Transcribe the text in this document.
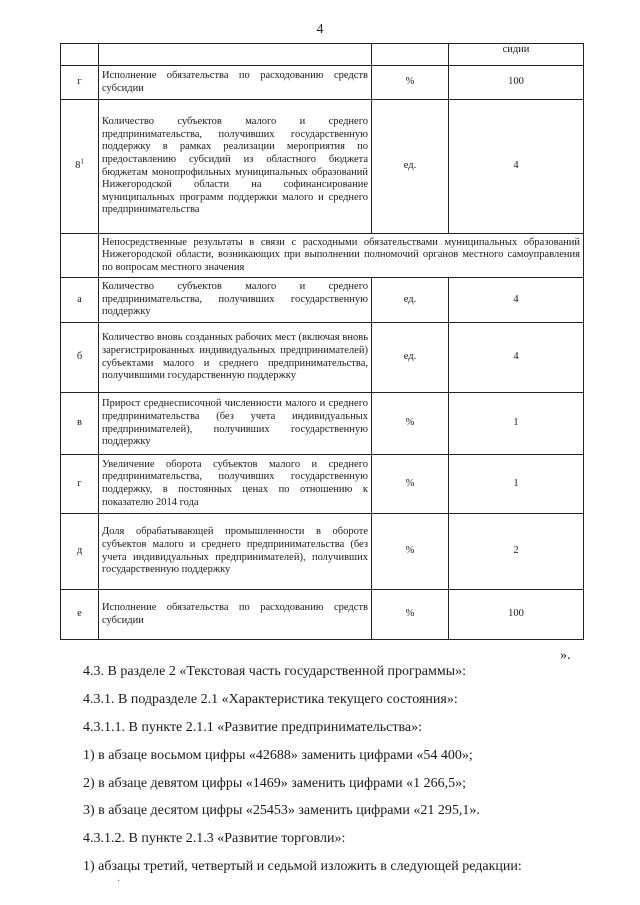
4
			сидии
г	Исполнение обязательства по расходованию средств субсидии	%	100
$8^1$	Количество субъектов малого и среднего предпринимательства, получивших государственную поддержку в рамках реализации мероприятия по предоставлению субсидий из областного бюджета бюджетам монопрофильных муниципальных образований Нижегородской области на софинансирование муниципальных программ поддержки малого и среднего предпринимательства	ед.	4
	Непосредственные результаты в связи с расходными обязательствами муниципальных образований Нижегородской области, возникающих при выполнении полномочий органов местного самоуправления по вопросам местного значения		
а	Количество субъектов малого и среднего предпринимательства, получивших государственную поддержку	ед.	4
б	Количество вновь созданных рабочих мест (включая вновь зарегистрированных индивидуальных предпринимателей) субъектами малого и среднего предпринимательства, получившими государственную поддержку	ед.	4
в	Прирост среднесписочной численности малого и среднего предпринимательства (без учета индивидуальных предпринимателей), получивших государственную поддержку	%	1
г	Увеличение оборота субъектов малого и среднего предпринимательства, получивших государственную поддержку, в постоянных ценах по отношению к показателю 2014 года	%	1
д	Доля обрабатывающей промышленности в обороте субъектов малого и среднего предпринимательства (без учета индивидуальных предпринимателей), получивших государственную поддержку	%	2
е	Исполнение обязательства по расходованию средств субсидии	%	100
».
4.3. В разделе 2 «Текстовая часть государственной программы»:
4.3.1. В подразделе 2.1 «Характеристика текущего состояния»:
4.3.1.1. В пункте 2.1.1 «Развитие предпринимательства»:
1) в абзаце восьмом цифры «42688» заменить цифрами «54 400»;
2) в абзаце девятом цифры «1469» заменить цифрами «1 266,5»;
3) в абзаце десятом цифры «25453» заменить цифрами «21 295,1».
4.3.1.2. В пункте 2.1.3 «Развитие торговли»:
1) абзацы третий, четвертый и седьмой изложить в следующей редакции:
·
